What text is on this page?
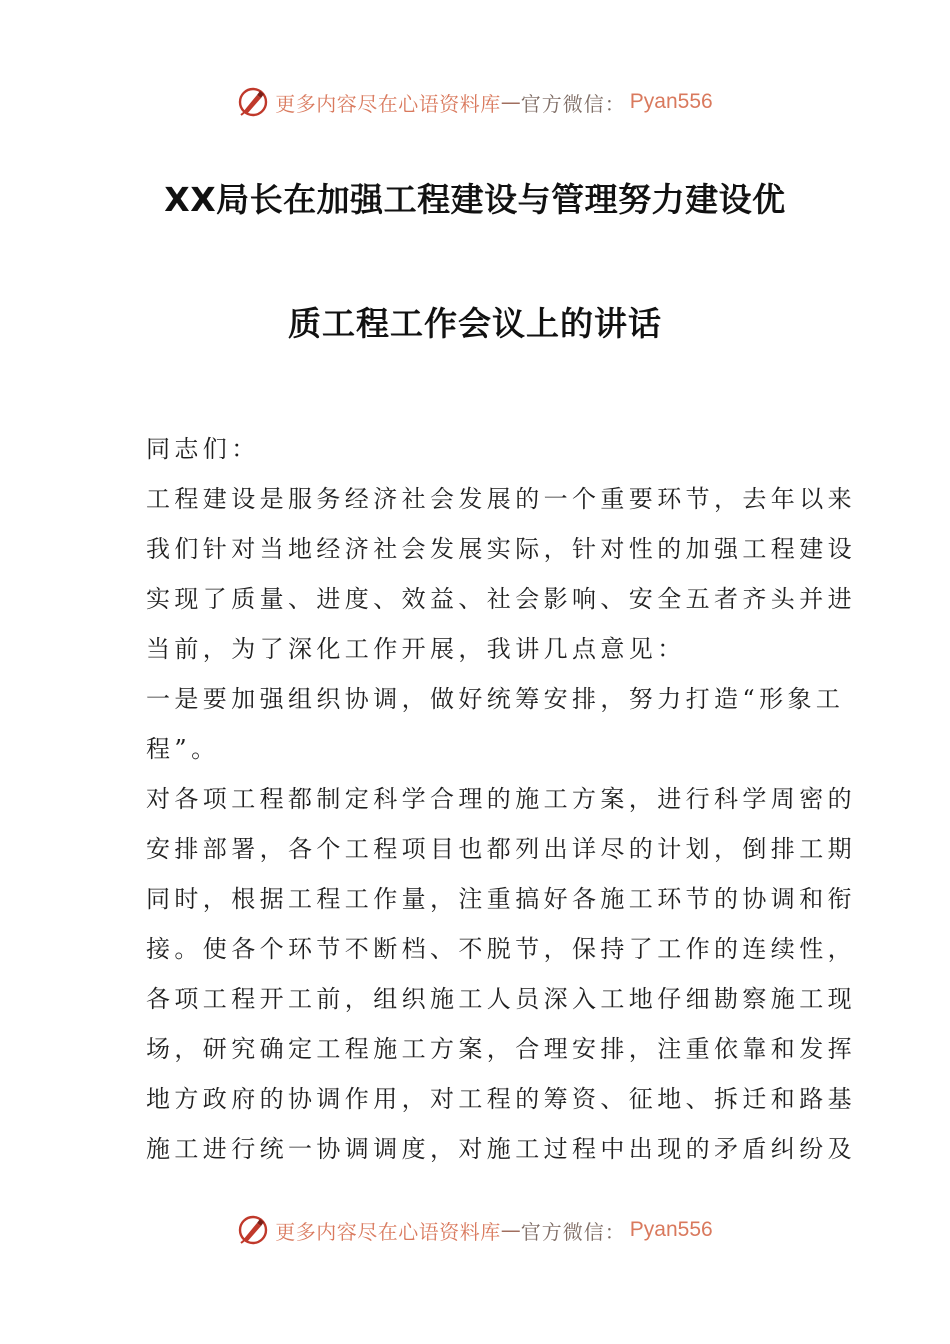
更多内容尽在心语资料库 — 官方微信： Pyan556
XX局长在加强工程建设与管理努力建设优
质工程工作会议上的讲话
同志们：
工程建设是服务经济社会发展的一个重要环节，去年以来
我们针对当地经济社会发展实际，针对性的加强工程建设
实现了质量、进度、效益、社会影响、安全五者齐头并进
当前，为了深化工作开展，我讲几点意见：
一是要加强组织协调，做好统筹安排，努力打造“形象工
程”。
对各项工程都制定科学合理的施工方案，进行科学周密的
安排部署，各个工程项目也都列出详尽的计划，倒排工期
同时，根据工程工作量，注重搞好各施工环节的协调和衔
接。使各个环节不断档、不脱节，保持了工作的连续性，
各项工程开工前，组织施工人员深入工地仔细勘察施工现
场，研究确定工程施工方案，合理安排，注重依靠和发挥
地方政府的协调作用，对工程的筹资、征地、拆迁和路基
施工进行统一协调调度，对施工过程中出现的矛盾纠纷及
更多内容尽在心语资料库 — 官方微信： Pyan556
